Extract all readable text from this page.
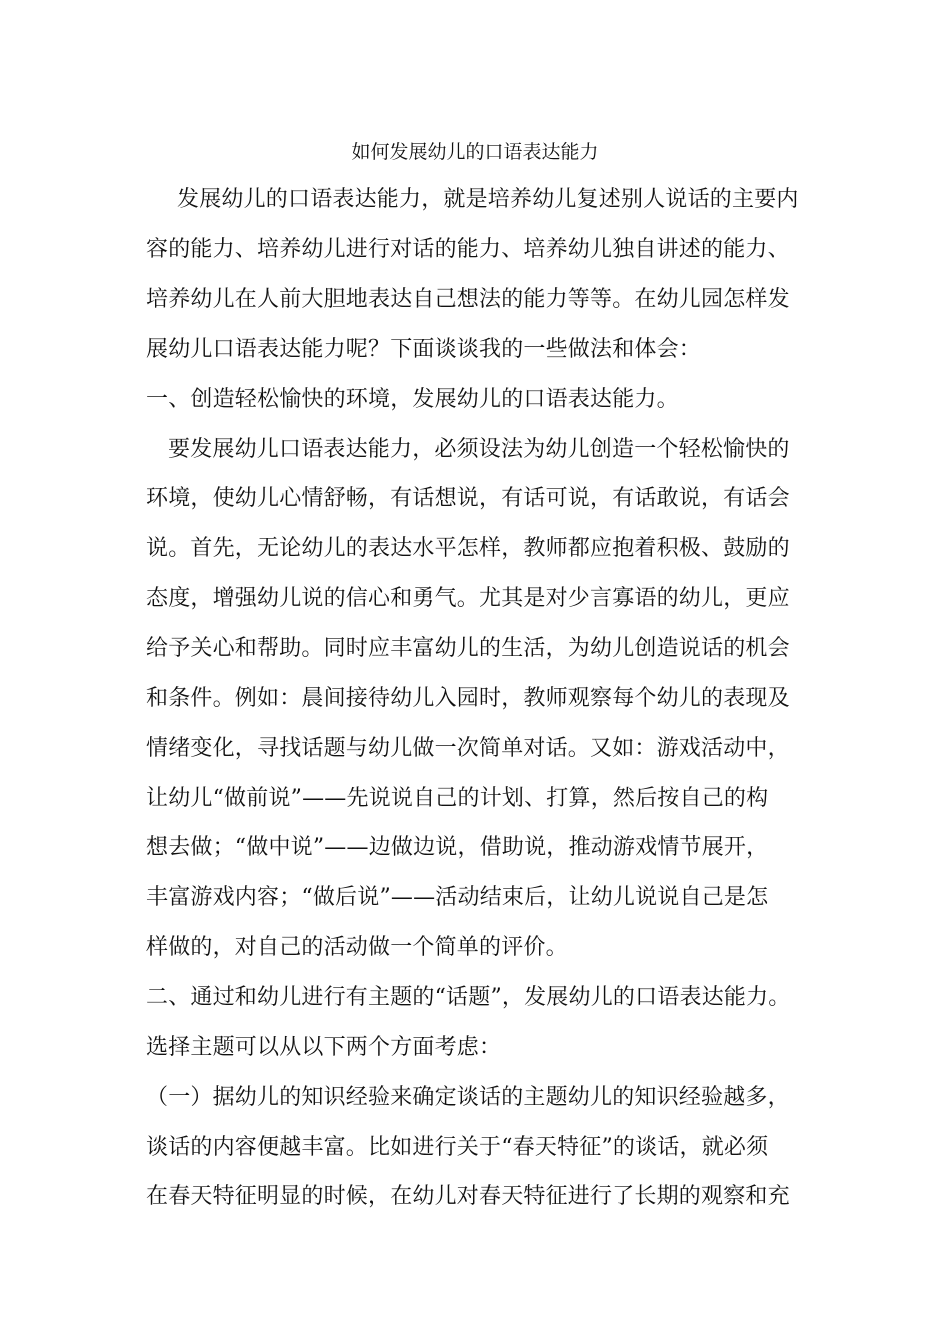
如何发展幼儿的口语表达能力
发展幼儿的口语表达能力，就是培养幼儿复述别人说话的主要内
容的能力、培养幼儿进行对话的能力、培养幼儿独自讲述的能力、
培养幼儿在人前大胆地表达自己想法的能力等等。在幼儿园怎样发
展幼儿口语表达能力呢？下面谈谈我的一些做法和体会：
一、创造轻松愉快的环境，发展幼儿的口语表达能力。
要发展幼儿口语表达能力，必须设法为幼儿创造一个轻松愉快的
环境，使幼儿心情舒畅，有话想说，有话可说，有话敢说，有话会
说。首先，无论幼儿的表达水平怎样，教师都应抱着积极、鼓励的
态度，增强幼儿说的信心和勇气。尤其是对少言寡语的幼儿，更应
给予关心和帮助。同时应丰富幼儿的生活，为幼儿创造说话的机会
和条件。例如：晨间接待幼儿入园时，教师观察每个幼儿的表现及
情绪变化，寻找话题与幼儿做一次简单对话。又如：游戏活动中，
让幼儿“做前说”——先说说自己的计划、打算，然后按自己的构
想去做；“做中说”——边做边说，借助说，推动游戏情节展开，
丰富游戏内容；“做后说”——活动结束后，让幼儿说说自己是怎
样做的，对自己的活动做一个简单的评价。
二、通过和幼儿进行有主题的“话题”，发展幼儿的口语表达能力。
选择主题可以从以下两个方面考虑：
（一）据幼儿的知识经验来确定谈话的主题幼儿的知识经验越多，
谈话的内容便越丰富。比如进行关于“春天特征”的谈话，就必须
在春天特征明显的时候，在幼儿对春天特征进行了长期的观察和充
